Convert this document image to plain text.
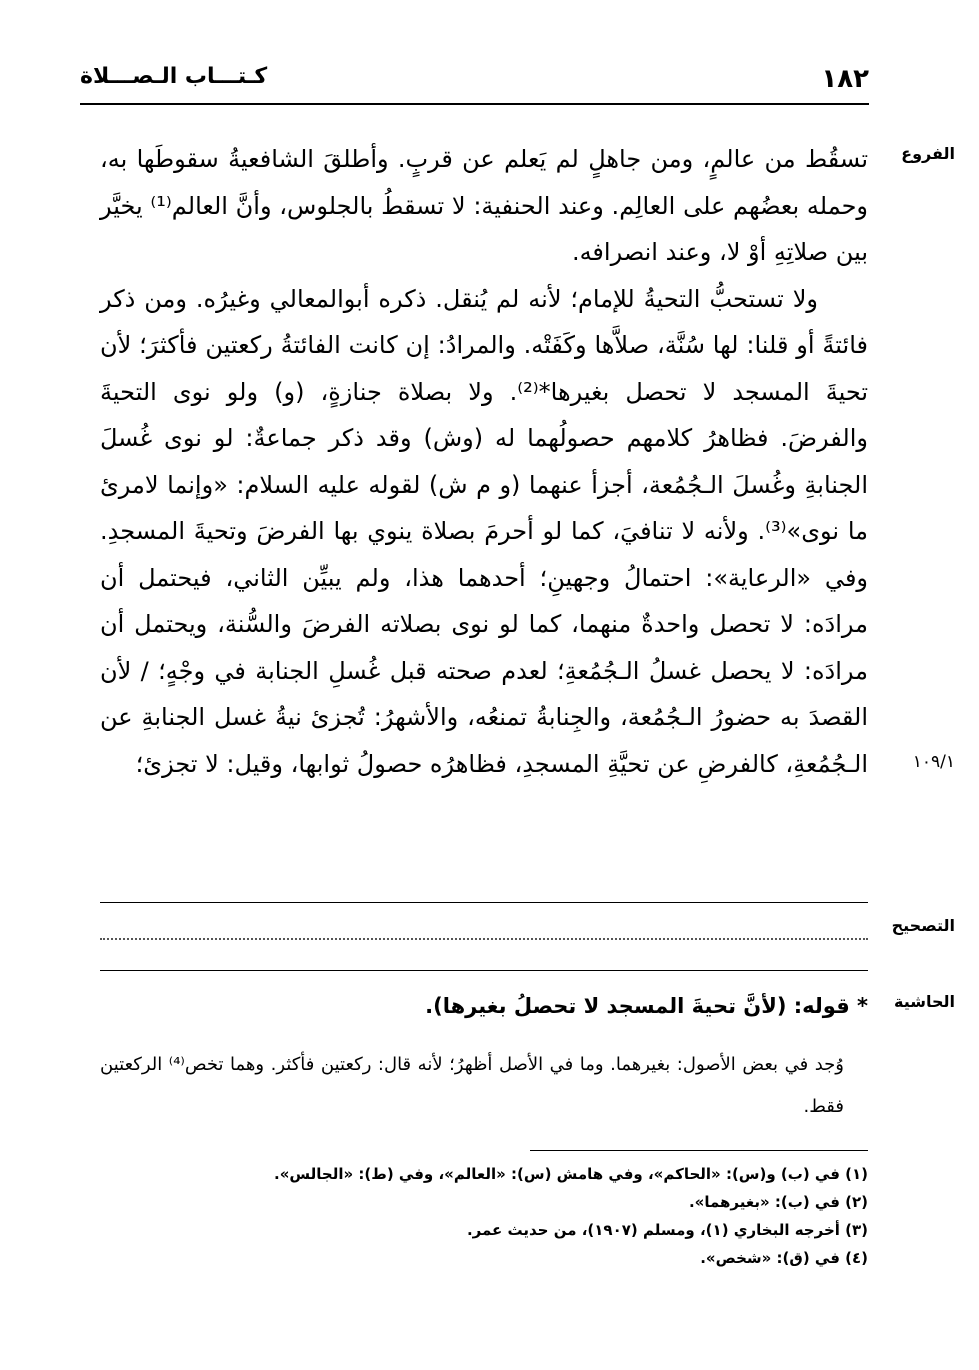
١٨٢
كـتـــاب الـصـــلاة
الفروع
١٠٩/١

تسقُط من عالمٍ، ومن جاهلٍ لم يَعلم عن قربٍ. وأطلقَ الشافعيةُ سقوطَها به، وحمله بعضُهم على العالِم. وعند الحنفية: لا تسقطُ بالجلوس، وأنَّ العالم⁽¹⁾ يخيَّر بين صلاتِهِ أوْ لا، وعند انصرافه.

ولا تستحبُّ التحيةُ للإمام؛ لأنه لم يُنقل. ذكره أبوالمعالي وغيرُه. ومن ذكر فائتةً أو قلنا: لها سُنَّة، صلاَّها وكَفَتْه. والمرادُ: إن كانت الفائتةُ ركعتين فأكثرَ؛ لأن تحيةَ المسجد لا تحصل بغيرها*⁽²⁾. ولا بصلاة جنازةٍ، (و) ولو نوى التحيةَ والفرضَ. فظاهرُ كلامهم حصولُهما له (وش) وقد ذكر جماعةٌ: لو نوى غُسلَ الجنابةِ وغُسلَ الـجُمُعة، أجزأ عنهما (و م ش) لقوله عليه السلام: «وإنما لامرئ ما نوى»⁽³⁾. ولأنه لا تنافيَ، كما لو أحرمَ بصلاة ينوي بها الفرضَ وتحيةَ المسجدِ. وفي «الرعاية»: احتمالُ وجهينِ؛ أحدهما هذا، ولم يبيِّن الثاني، فيحتمل أن مرادَه: لا تحصل واحدةٌ منهما، كما لو نوى بصلاته الفرضَ والسُّنة، ويحتمل أن مرادَه: لا يحصل غسلُ الـجُمُعةِ؛ لعدم صحته قبل غُسلِ الجنابة في وجْهٍ؛ / لأن القصدَ به حضورُ الـجُمُعة، والجِنابةُ تمنعُه، والأشهرُ: تُجزئ نيةُ غسل الجنابةِ عن الـجُمُعةِ، كالفرضِ عن تحيَّةِ المسجدِ، فظاهرُه حصولُ ثوابها، وقيل: لا تجزئ؛

التصحيح
الحاشية
* قوله: (لأنَّ تحيةَ المسجد لا تحصلُ بغيرها).
وُجد في بعض الأصول: بغيرهما. وما في الأصل أظهرُ؛ لأنه قال: ركعتين فأكثر. وهما تخص⁽⁴⁾ الركعتين فقط.
(١) في (ب) و(س): «الحاكم»، وفي هامش (س): «العالم»، وفي (ط): «الجالس».
(٢) في (ب): «بغيرهما».
(٣) أخرجه البخاري (١)، ومسلم (١٩٠٧)، من حديث عمر.
(٤) في (ق): «شخص».
